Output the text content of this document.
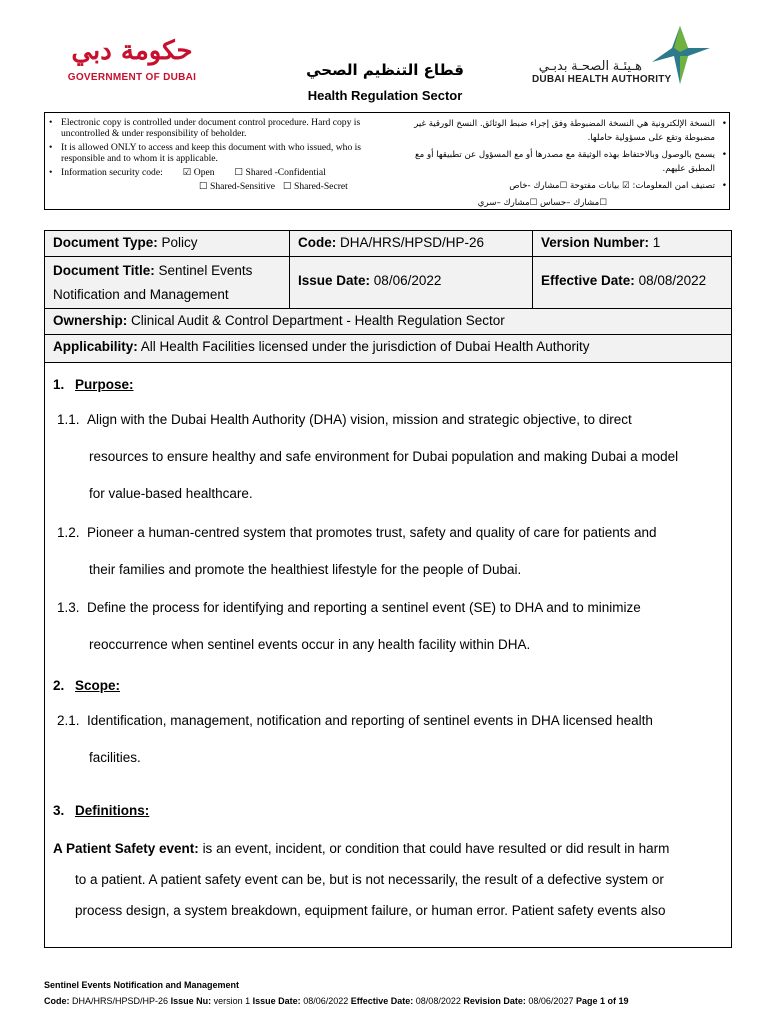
حكومة دبي
GOVERNMENT OF DUBAI	قطاع التنظيم الصحي
Health Regulation Sector
هـيئـة الصحـة بدبـي
DUBAI HEALTH AUTHORITY
• Electronic copy is controlled under document control procedure. Hard copy is uncontrolled & under responsibility of beholder.
• It is allowed ONLY to access and keep this document with who issued, who is responsible and to whom it is applicable.
• Information security code: ☑ Open ☐ Shared -Confidential
☐ Shared-Sensitive ☐ Shared-Secret
•
النسخة الإلكترونية هي النسخة المضبوطة وفق إجراء ضبط الوثائق. النسخ الورقية غير مضبوطة وتقع على مسؤولية حاملها.
•
يسمح بالوصول وبالاحتفاظ بهذه الوثيقة مع مصدرها أو مع المسؤول عن تطبيقها أو مع المطبق عليهم.
•
تصنيف امن المعلومات: ☑ بيانات مفتوحة ☐مشارك -خاص
☐مشارك –حساس ☐مشارك –سري
Document Type: Policy	Code: DHA/HRS/HPSD/HP-26	Version Number: 1
Document Title: Sentinel Events Notification and Management
Issue Date: 08/06/2022	Effective Date: 08/08/2022
Ownership: Clinical Audit & Control Department - Health Regulation Sector
Applicability: All Health Facilities licensed under the jurisdiction of Dubai Health Authority
1. Purpose:
1.1. Align with the Dubai Health Authority (DHA) vision, mission and strategic objective, to direct
resources to ensure healthy and safe environment for Dubai population and making Dubai a model
for value-based healthcare.
1.2. Pioneer a human-centred system that promotes trust, safety and quality of care for patients and
their families and promote the healthiest lifestyle for the people of Dubai.
1.3. Define the process for identifying and reporting a sentinel event (SE) to DHA and to minimize
reoccurrence when sentinel events occur in any health facility within DHA.
2. Scope:
2.1. Identification, management, notification and reporting of sentinel events in DHA licensed health
facilities.
3. Definitions:
A Patient Safety event: is an event, incident, or condition that could have resulted or did result in harm
to a patient. A patient safety event can be, but is not necessarily, the result of a defective system or
process design, a system breakdown, equipment failure, or human error. Patient safety events also
Sentinel Events Notification and Management
Code: DHA/HRS/HPSD/HP-26 Issue Nu: version 1 Issue Date: 08/06/2022 Effective Date: 08/08/2022 Revision Date: 08/06/2027 Page 1 of 19
